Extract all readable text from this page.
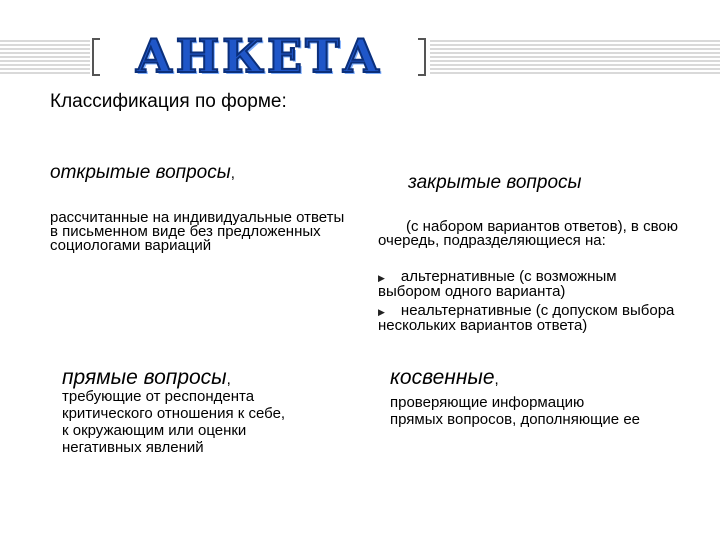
АНКЕТА

Классификация по форме:

открытые вопросы,

рассчитанные на индивидуальные ответы в письменном виде без предложенных социологами вариаций

закрытые вопросы

(с набором вариантов ответов), в свою очередь, подразделяющиеся на:

▶ альтернативные (с возможным выбором одного варианта)
▶ неальтернативные (с допуском выбора нескольких вариантов ответа)

прямые вопросы,

требующие от респондента критического отношения к себе, к окружающим или оценки негативных явлений

косвенные,

проверяющие информацию прямых вопросов, дополняющие ее
